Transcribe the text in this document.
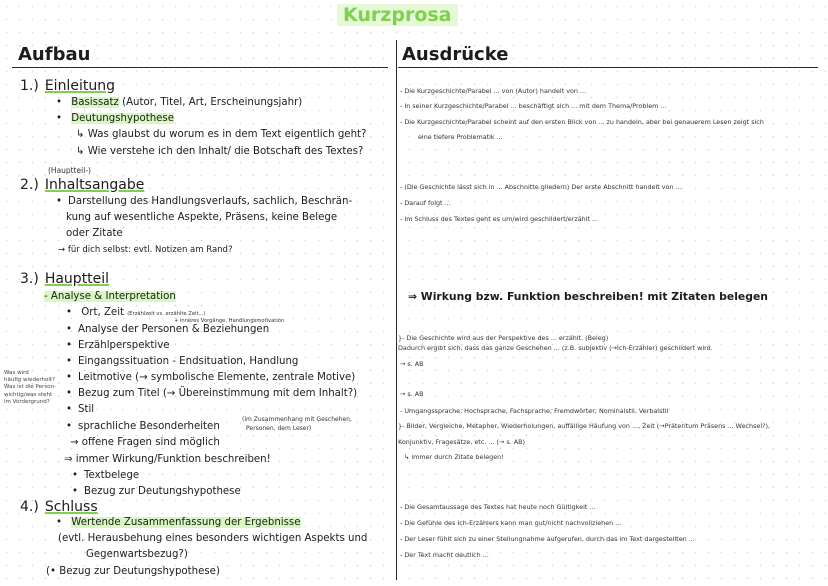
Kurzprosa
Aufbau	Ausdrücke
1.) Einleitung
• Basissatz (Autor, Titel, Art, Erscheinungsjahr)
• Deutungshypothese
↳ Was glaubst du worum es in dem Text eigentlich geht?
↳ Wie verstehe ich den Inhalt/ die Botschaft des Textes?
(Hauptteil-)
2.) Inhaltsangabe
• Darstellung des Handlungsverlaufs, sachlich, Beschrän-
kung auf wesentliche Aspekte, Präsens, keine Belege
oder Zitate
→ für dich selbst: evtl. Notizen am Rand?
3.) Hauptteil
- Analyse & Interpretation
• Ort, Zeit (Erzählzeit vs. erzählte Zeit...)
+ inneres Vorgänge, Handlungsmotivation
• Analyse der Personen & Beziehungen
• Erzählperspektive
• Eingangssituation - Endsituation, Handlung
• Leitmotive (→ symbolische Elemente, zentrale Motive)
• Bezug zum Titel (→ Übereinstimmung mit dem Inhalt?)
• Stil
• sprachliche Besonderheiten
(im Zusammenhang mit Geschehen,
Personen, dem Leser)
→ offene Fragen sind möglich
⇒ immer Wirkung/Funktion beschreiben!
• Textbelege
• Bezug zur Deutungshypothese
Was wird
häufig wiederholt?
Was ist die Person-
wichtig/was steht
im Vordergrund?
4.) Schluss
• Wertende Zusammenfassung der Ergebnisse
(evtl. Herausbehung eines besonders wichtigen Aspekts und
Gegenwartsbezug?)
(• Bezug zur Deutungshypothese)
- Die Kurzgeschichte/Parabel ... von (Autor) handelt von ...
- In seiner Kurzgeschichte/Parabel ... beschäftigt sich ... mit dem Thema/Problem ...
- Die Kurzgeschichte/Parabel scheint auf den ersten Blick von ... zu handeln, aber bei genauerem Lesen zeigt sich
eine tiefere Problematik ...
- (Die Geschichte lässt sich in ... Abschnitte gliedern) Der erste Abschnitt handelt von ...
- Darauf folgt ...
- Im Schluss des Textes geht es um/wird geschildert/erzählt ...
⇒ Wirkung bzw. Funktion beschreiben! mit Zitaten belegen
}- Die Geschichte wird aus der Perspektive des ... erzählt. (Beleg)
Dadurch ergibt sich, dass das ganze Geschehen ... (z.B. subjektiv (→Ich-Erzähler) geschildert wird.
→ s. AB
→ s. AB
- Umgangssprache, Hochsprache, Fachsprache; Fremdwörter; Nominalstil, Verbalstil
}- Bilder, Vergleiche, Metapher, Wiederholungen, auffällige Häufung von ..., Zeit (→Präteritum Präsens ... Wechsel?),
Konjunktiv, Fragesätze, etc. ... (→ s. AB)
↳ immer durch Zitate belegen!
- Die Gesamtaussage des Textes hat heute noch Gültigkeit ...
- Die Gefühle des Ich-Erzählers kann man gut/nicht nachvollziehen ...
- Der Leser fühlt sich zu einer Stellungnahme aufgerufen, durch das im Text dargestellten ...
- Der Text macht deutlich ...
